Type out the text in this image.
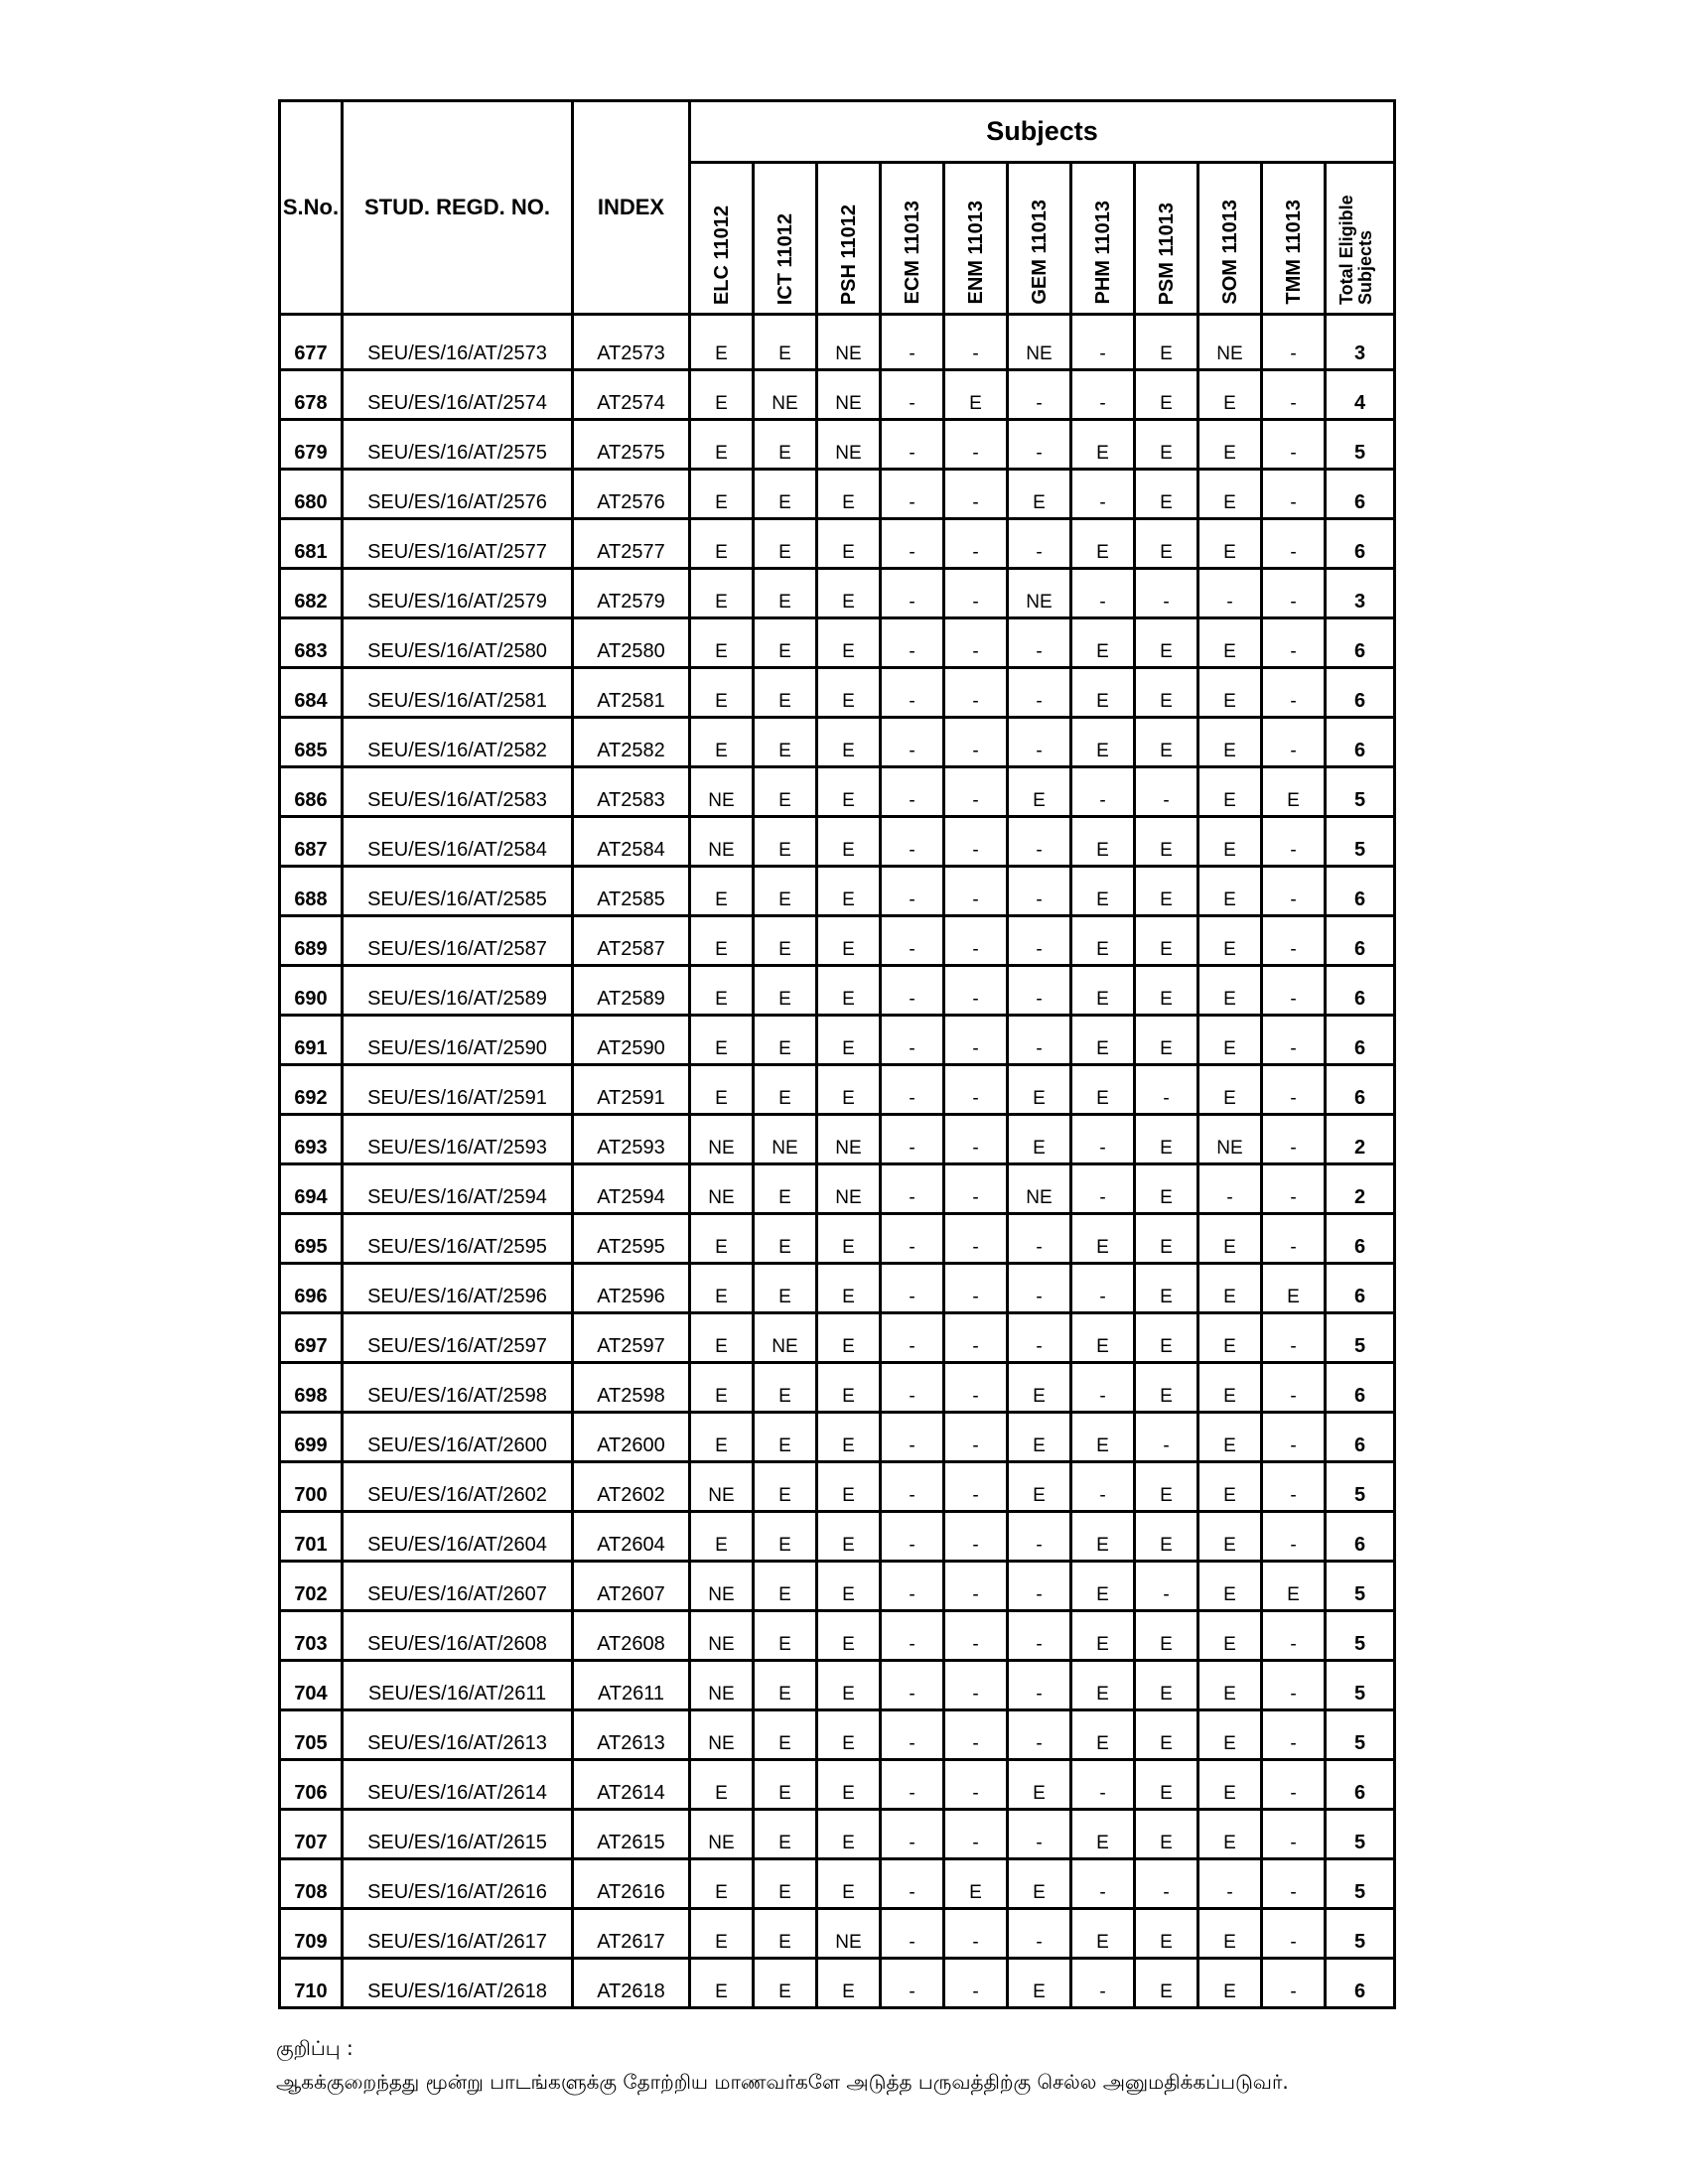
S.No.	STUD. REGD. NO.	INDEX	Subjects										

			ELC 11012	ICT 11012	PSH 11012	ECM 11013	ENM 11013	GEM 11013	PHM 11013	PSM 11013	SOM 11013	TMM 11013	Total Eligible Subjects

677	SEU/ES/16/AT/2573	AT2573	E	E	NE	-	-	NE	-	E	NE	-	3
678	SEU/ES/16/AT/2574	AT2574	E	NE	NE	-	E	-	-	E	E	-	4
679	SEU/ES/16/AT/2575	AT2575	E	E	NE	-	-	-	E	E	E	-	5
680	SEU/ES/16/AT/2576	AT2576	E	E	E	-	-	E	-	E	E	-	6
681	SEU/ES/16/AT/2577	AT2577	E	E	E	-	-	-	E	E	E	-	6
682	SEU/ES/16/AT/2579	AT2579	E	E	E	-	-	NE	-	-	-	-	3
683	SEU/ES/16/AT/2580	AT2580	E	E	E	-	-	-	E	E	E	-	6
684	SEU/ES/16/AT/2581	AT2581	E	E	E	-	-	-	E	E	E	-	6
685	SEU/ES/16/AT/2582	AT2582	E	E	E	-	-	-	E	E	E	-	6
686	SEU/ES/16/AT/2583	AT2583	NE	E	E	-	-	E	-	-	E	E	5
687	SEU/ES/16/AT/2584	AT2584	NE	E	E	-	-	-	E	E	E	-	5
688	SEU/ES/16/AT/2585	AT2585	E	E	E	-	-	-	E	E	E	-	6
689	SEU/ES/16/AT/2587	AT2587	E	E	E	-	-	-	E	E	E	-	6
690	SEU/ES/16/AT/2589	AT2589	E	E	E	-	-	-	E	E	E	-	6
691	SEU/ES/16/AT/2590	AT2590	E	E	E	-	-	-	E	E	E	-	6
692	SEU/ES/16/AT/2591	AT2591	E	E	E	-	-	E	E	-	E	-	6
693	SEU/ES/16/AT/2593	AT2593	NE	NE	NE	-	-	E	-	E	NE	-	2
694	SEU/ES/16/AT/2594	AT2594	NE	E	NE	-	-	NE	-	E	-	-	2
695	SEU/ES/16/AT/2595	AT2595	E	E	E	-	-	-	E	E	E	-	6
696	SEU/ES/16/AT/2596	AT2596	E	E	E	-	-	-	-	E	E	E	6
697	SEU/ES/16/AT/2597	AT2597	E	NE	E	-	-	-	E	E	E	-	5
698	SEU/ES/16/AT/2598	AT2598	E	E	E	-	-	E	-	E	E	-	6
699	SEU/ES/16/AT/2600	AT2600	E	E	E	-	-	E	E	-	E	-	6
700	SEU/ES/16/AT/2602	AT2602	NE	E	E	-	-	E	-	E	E	-	5
701	SEU/ES/16/AT/2604	AT2604	E	E	E	-	-	-	E	E	E	-	6
702	SEU/ES/16/AT/2607	AT2607	NE	E	E	-	-	-	E	-	E	E	5
703	SEU/ES/16/AT/2608	AT2608	NE	E	E	-	-	-	E	E	E	-	5
704	SEU/ES/16/AT/2611	AT2611	NE	E	E	-	-	-	E	E	E	-	5
705	SEU/ES/16/AT/2613	AT2613	NE	E	E	-	-	-	E	E	E	-	5
706	SEU/ES/16/AT/2614	AT2614	E	E	E	-	-	E	-	E	E	-	6
707	SEU/ES/16/AT/2615	AT2615	NE	E	E	-	-	-	E	E	E	-	5
708	SEU/ES/16/AT/2616	AT2616	E	E	E	-	E	E	-	-	-	-	5
709	SEU/ES/16/AT/2617	AT2617	E	E	NE	-	-	-	E	E	E	-	5
710	SEU/ES/16/AT/2618	AT2618	E	E	E	-	-	E	-	E	E	-	6
குறிப்பு :
ஆகக்குறைந்தது மூன்று பாடங்களுக்கு தோற்றிய மாணவர்களே அடுத்த பருவத்திற்கு செல்ல அனுமதிக்கப்படுவர்.
